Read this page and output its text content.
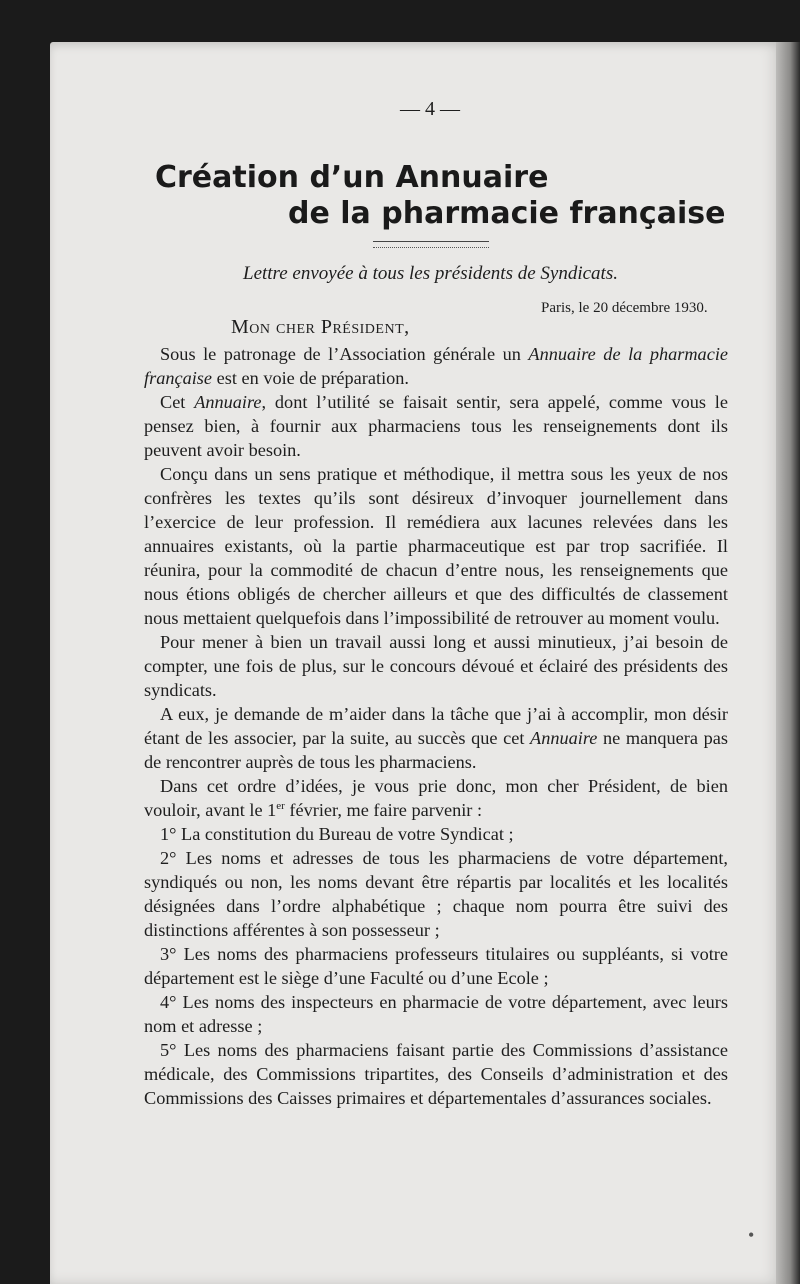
•
— 4 —
Création d’un Annuaire
de la pharmacie française
Lettre envoyée à tous les présidents de Syndicats.
Paris, le 20 décembre 1930.
Mon cher Président,

Sous le patronage de l’Association générale un Annuaire de la pharmacie française est en voie de préparation.

Cet Annuaire, dont l’utilité se faisait sentir, sera appelé, comme vous le pensez bien, à fournir aux pharmaciens tous les renseignements dont ils peuvent avoir besoin.

Conçu dans un sens pratique et méthodique, il mettra sous les yeux de nos confrères les textes qu’ils sont désireux d’invoquer journellement dans l’exercice de leur profession. Il remédiera aux lacunes relevées dans les annuaires existants, où la partie pharmaceutique est par trop sacrifiée. Il réunira, pour la commodité de chacun d’entre nous, les renseignements que nous étions obligés de chercher ailleurs et que des difficultés de classement nous mettaient quelquefois dans l’impossibilité de retrouver au moment voulu.

Pour mener à bien un travail aussi long et aussi minutieux, j’ai besoin de compter, une fois de plus, sur le concours dévoué et éclairé des présidents des syndicats.

A eux, je demande de m’aider dans la tâche que j’ai à accomplir, mon désir étant de les associer, par la suite, au succès que cet Annuaire ne manquera pas de rencontrer auprès de tous les pharmaciens.

Dans cet ordre d’idées, je vous prie donc, mon cher Président, de bien vouloir, avant le 1er février, me faire parvenir :

1° La constitution du Bureau de votre Syndicat ;

2° Les noms et adresses de tous les pharmaciens de votre département, syndiqués ou non, les noms devant être répartis par localités et les localités désignées dans l’ordre alphabétique ; chaque nom pourra être suivi des distinctions afférentes à son possesseur ;

3° Les noms des pharmaciens professeurs titulaires ou suppléants, si votre département est le siège d’une Faculté ou d’une Ecole ;

4° Les noms des inspecteurs en pharmacie de votre département, avec leurs nom et adresse ;

5° Les noms des pharmaciens faisant partie des Commissions d’assistance médicale, des Commissions tripartites, des Conseils d’administration et des Commissions des Caisses primaires et départementales d’assurances sociales.
